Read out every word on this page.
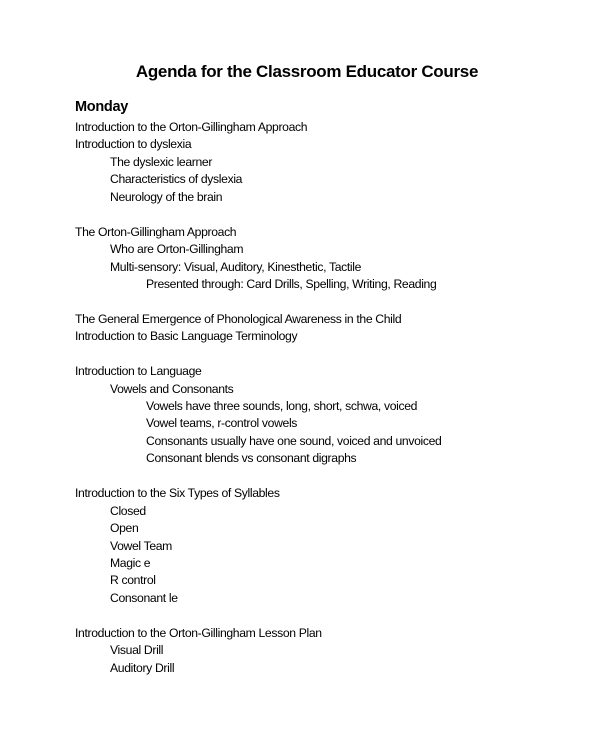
Agenda for the Classroom Educator Course
Monday
Introduction to the Orton-Gillingham Approach
Introduction to dyslexia
The dyslexic learner
Characteristics of dyslexia
Neurology of the brain
The Orton-Gillingham Approach
Who are Orton-Gillingham
Multi-sensory: Visual, Auditory, Kinesthetic, Tactile
Presented through: Card Drills, Spelling, Writing, Reading
The General Emergence of Phonological Awareness in the Child
Introduction to Basic Language Terminology
Introduction to Language
Vowels and Consonants
Vowels have three sounds, long, short, schwa, voiced
Vowel teams, r-control vowels
Consonants usually have one sound, voiced and unvoiced
Consonant blends vs consonant digraphs
Introduction to the Six Types of Syllables
Closed
Open
Vowel Team
Magic e
R control
Consonant le
Introduction to the Orton-Gillingham Lesson Plan
Visual Drill
Auditory Drill
